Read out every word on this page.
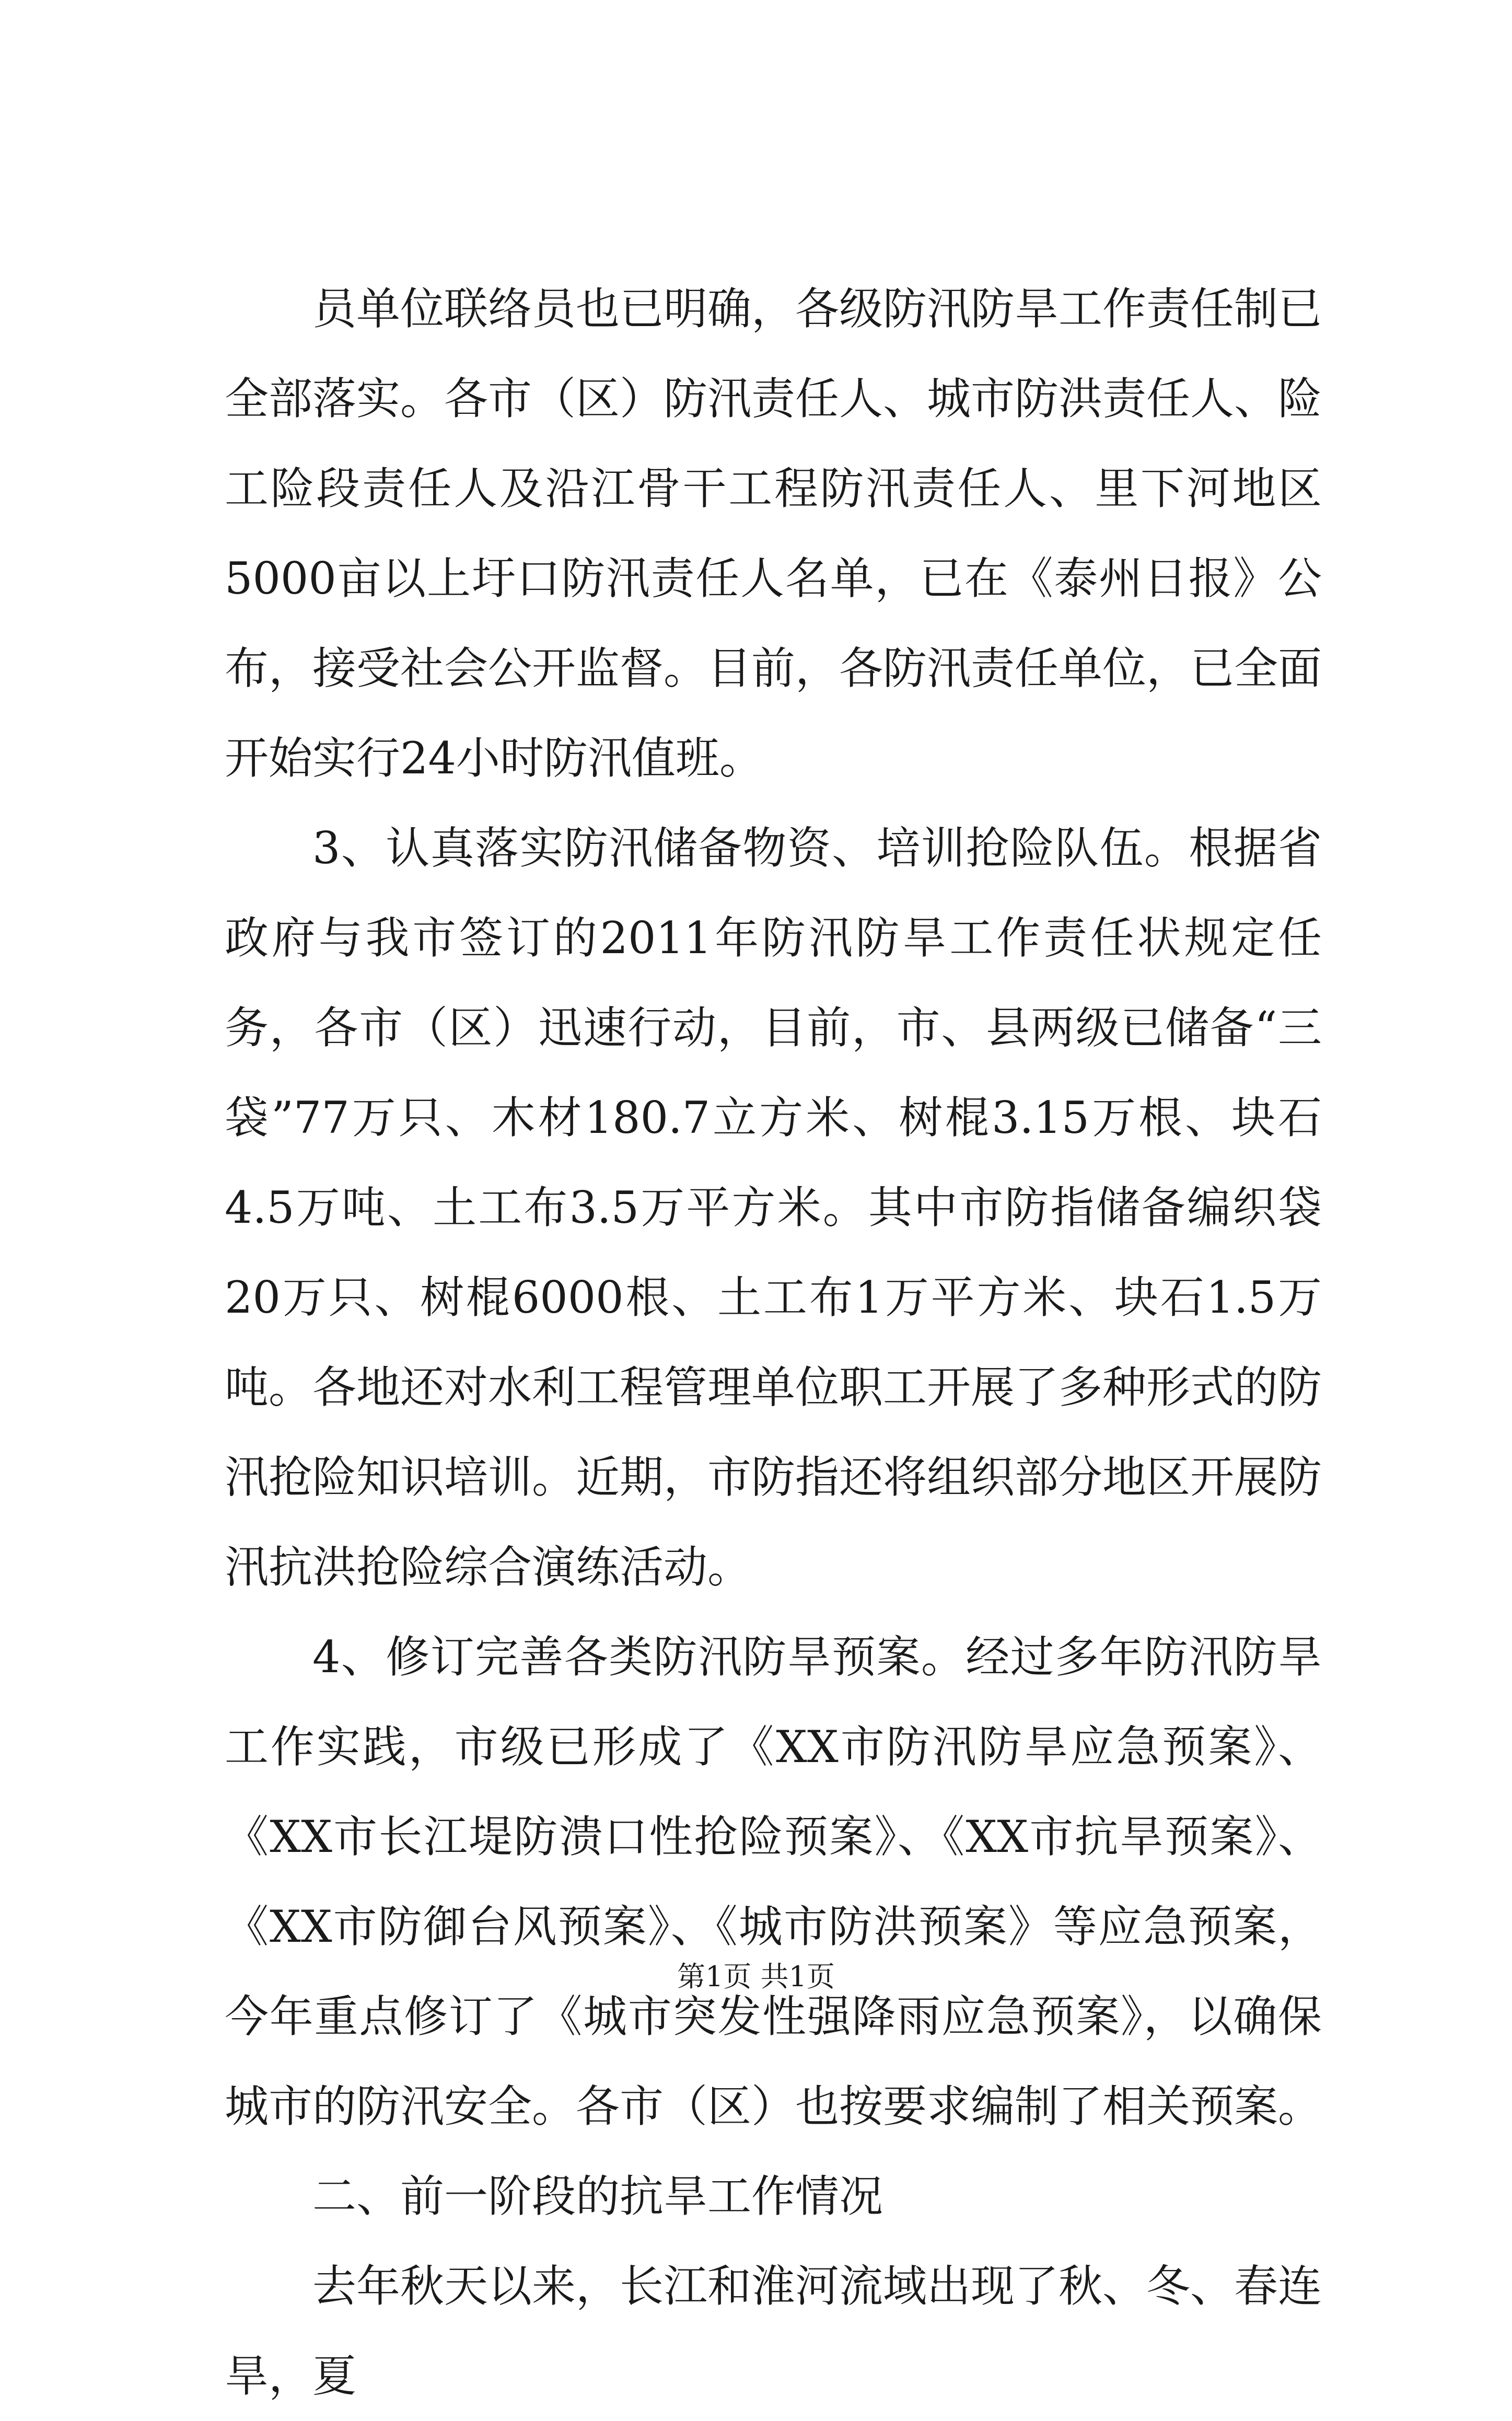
员单位联络员也已明确，各级防汛防旱工作责任制已全部落实。各市（区）防汛责任人、城市防洪责任人、险工险段责任人及沿江骨干工程防汛责任人、里下河地区5000亩以上圩口防汛责任人名单，已在《泰州日报》公布，接受社会公开监督。目前，各防汛责任单位，已全面开始实行24小时防汛值班。

3、认真落实防汛储备物资、培训抢险队伍。根据省政府与我市签订的2011年防汛防旱工作责任状规定任务，各市（区）迅速行动，目前，市、县两级已储备“三袋”77万只、木材180.7立方米、树棍3.15万根、块石4.5万吨、土工布3.5万平方米。其中市防指储备编织袋20万只、树棍6000根、土工布1万平方米、块石1.5万吨。各地还对水利工程管理单位职工开展了多种形式的防汛抢险知识培训。近期，市防指还将组织部分地区开展防汛抗洪抢险综合演练活动。

4、修订完善各类防汛防旱预案。经过多年防汛防旱工作实践，市级已形成了《XX市防汛防旱应急预案》、《XX市长江堤防溃口性抢险预案》、《XX市抗旱预案》、《XX市防御台风预案》、《城市防洪预案》等应急预案，今年重点修订了《城市突发性强降雨应急预案》，以确保城市的防汛安全。各市（区）也按要求编制了相关预案。

二、前一阶段的抗旱工作情况

去年秋天以来，长江和淮河流域出现了秋、冬、春连旱，夏

第1页 共1页
